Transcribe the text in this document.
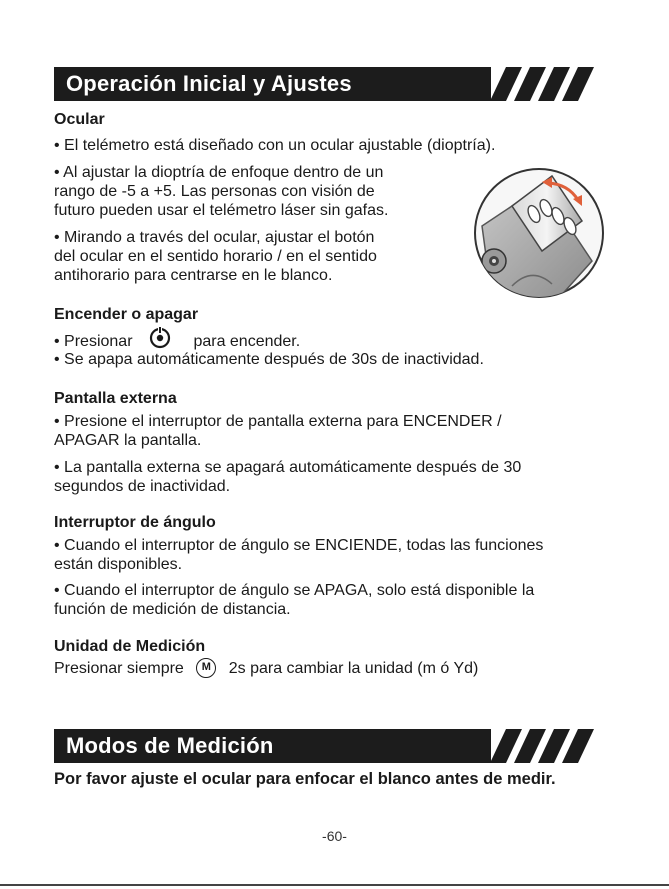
Operación Inicial y Ajustes
Ocular
• El telémetro está diseñado con un ocular ajustable (dioptría).
• Al ajustar la dioptría de enfoque dentro de un
rango de -5 a +5. Las personas con visión de
futuro pueden usar el telémetro láser sin gafas.
• Mirando a través del ocular, ajustar el botón
del ocular en el sentido horario / en el sentido
antihorario para centrarse en le blanco.
Encender o apagar
• Presionar	para encender.
• Se apapa automáticamente después de 30s de inactividad.
Pantalla externa
• Presione el interruptor de pantalla externa para ENCENDER /
APAGAR la pantalla.
• La pantalla externa se apagará automáticamente después de 30
segundos de inactividad.
Interruptor de ángulo
• Cuando el interruptor de ángulo se ENCIENDE, todas las funciones
están disponibles.
• Cuando el interruptor de ángulo se APAGA, solo está disponible la
función de medición de distancia.
Unidad de Medición
Presionar siempre M 2s para cambiar la unidad (m ó Yd)
Modos de Medición
Por favor ajuste el ocular para enfocar el blanco antes de medir.
-60-
